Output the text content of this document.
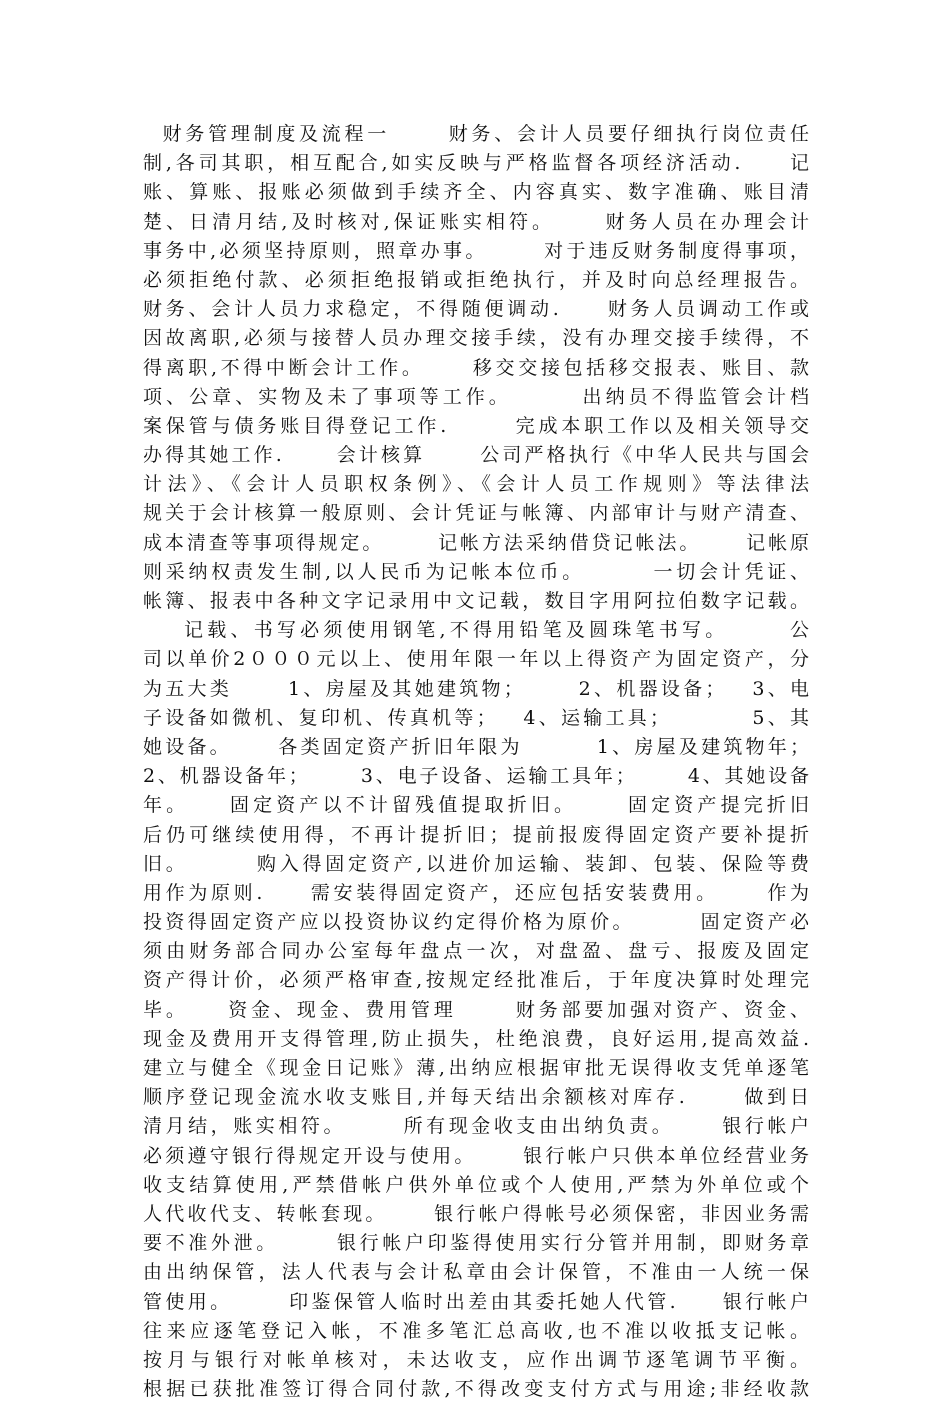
财务管理制度及流程一      财务、会计人员要仔细执行岗位责任
制,各司其职，相互配合,如实反映与严格监督各项经济活动.     记
账、算账、报账必须做到手续齐全、内容真实、数字准确、账目清
楚、日清月结,及时核对,保证账实相符。     财务人员在办理会计
事务中,必须坚持原则，照章办事。      对于违反财务制度得事项，
必须拒绝付款、必须拒绝报销或拒绝执行，并及时向总经理报告。
财务、会计人员力求稳定，不得随便调动.     财务人员调动工作或
因故离职,必须与接替人员办理交接手续，没有办理交接手续得，不
得离职,不得中断会计工作。     移交交接包括移交报表、账目、款
项、公章、实物及未了事项等工作。       出纳员不得监管会计档
案保管与债务账目得登记工作.       完成本职工作以及相关领导交
办得其她工作.      会计核算      公司严格执行《中华人民共与国会
计法》、《会计人员职权条例》、《会计人员工作规则》等法律法
规关于会计核算一般原则、会计凭证与帐簿、内部审计与财产清查、
成本清查等事项得规定。      记帐方法采纳借贷记帐法。     记帐原
则采纳权责发生制,以人民币为记帐本位币。       一切会计凭证、
帐簿、报表中各种文字记录用中文记载，数目字用阿拉伯数字记载。
记载、书写必须使用钢笔,不得用铅笔及圆珠笔书写。      公
司以单价2０００元以上、使用年限一年以上得资产为固定资产，分
为五大类      1、房屋及其她建筑物；      2、机器设备；   3、电
子设备如微机、复印机、传真机等；   4、运输工具；         5、其
她设备。     各类固定资产折旧年限为        1、房屋及建筑物年；
2、机器设备年；      3、电子设备、运输工具年；      4、其她设备
年。    固定资产以不计留残值提取折旧。     固定资产提完折旧
后仍可继续使用得，不再计提折旧；提前报废得固定资产要补提折
旧。       购入得固定资产,以进价加运输、装卸、包装、保险等费
用作为原则.     需安装得固定资产，还应包括安装费用。     作为
投资得固定资产应以投资协议约定得价格为原价。       固定资产必
须由财务部合同办公室每年盘点一次，对盘盈、盘亏、报废及固定
资产得计价，必须严格审查,按规定经批准后，于年度决算时处理完
毕。    资金、现金、费用管理      财务部要加强对资产、资金、
现金及费用开支得管理,防止损失，杜绝浪费，良好运用,提高效益.
建立与健全《现金日记账》薄,出纳应根据审批无误得收支凭单逐笔
顺序登记现金流水收支账目,并每天结出余额核对库存.      做到日
清月结，账实相符。      所有现金收支由出纳负责。     银行帐户
必须遵守银行得规定开设与使用。     银行帐户只供本单位经营业务
收支结算使用,严禁借帐户供外单位或个人使用,严禁为外单位或个
人代收代支、转帐套现。     银行帐户得帐号必须保密，非因业务需
要不准外泄。      银行帐户印鉴得使用实行分管并用制，即财务章
由出纳保管，法人代表与会计私章由会计保管，不准由一人统一保
管使用。      印鉴保管人临时出差由其委托她人代管.     银行帐户
往来应逐笔登记入帐，不准多笔汇总高收,也不准以收抵支记帐。
按月与银行对帐单核对，未达收支，应作出调节逐笔调节平衡。
根据已获批准签订得合同付款,不得改变支付方式与用途;非经收款
